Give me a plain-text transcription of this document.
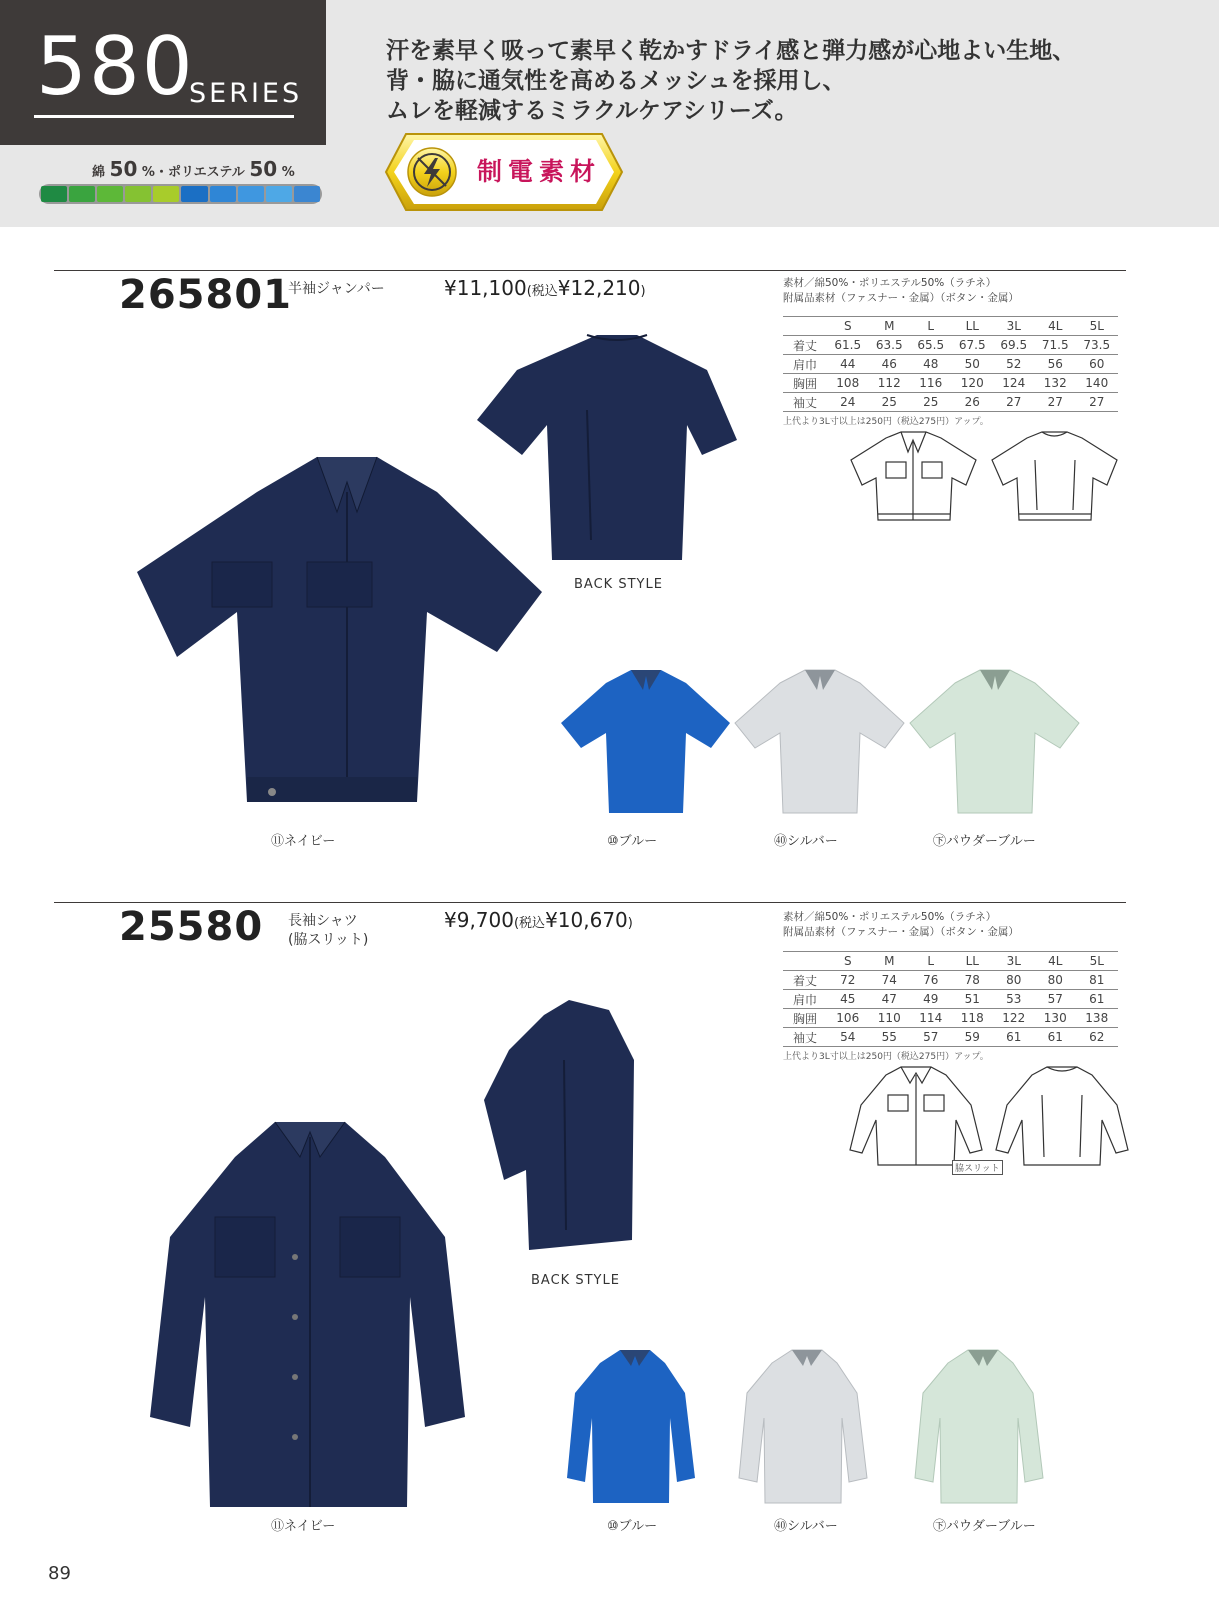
580
SERIES
汗を素早く吸って素早く乾かすドライ感と弾力感が心地よい生地、
背・脇に通気性を高めるメッシュを採用し、
ムレを軽減するミラクルケアシリーズ。
綿 50 %・ポリエステル 50 %	制電素材
265801
半袖ジャンパー	¥11,100(税込¥12,210)
素材／綿50%・ポリエステル50%（ラチネ）
附属品素材（ファスナー・金属）（ボタン・金属）
	S	M	L	LL	3L	4L	5L
着丈	61.5	63.5	65.5	67.5	69.5	71.5	73.5
肩巾	44	46	48	50	52	56	60
胸囲	108	112	116	120	124	132	140
袖丈	24	25	25	26	27	27	27
上代より3L寸以上は250円（税込275円）アップ。
BACK STYLE
⑪ネイビー	⑩ブルー	㊵シルバー	㊦パウダーブルー
25580 長袖シャツ
(脇スリット)
¥9,700(税込¥10,670)	素材／綿50%・ポリエステル50%（ラチネ）
附属品素材（ファスナー・金属）（ボタン・金属）
	S	M	L	LL	3L	4L	5L
着丈	72	74	76	78	80	80	81
肩巾	45	47	49	51	53	57	61
胸囲	106	110	114	118	122	130	138
袖丈	54	55	57	59	61	61	62
上代より3L寸以上は250円（税込275円）アップ。
脇スリット
BACK STYLE
⑪ネイビー	⑩ブルー	㊵シルバー	㊦パウダーブルー
89
